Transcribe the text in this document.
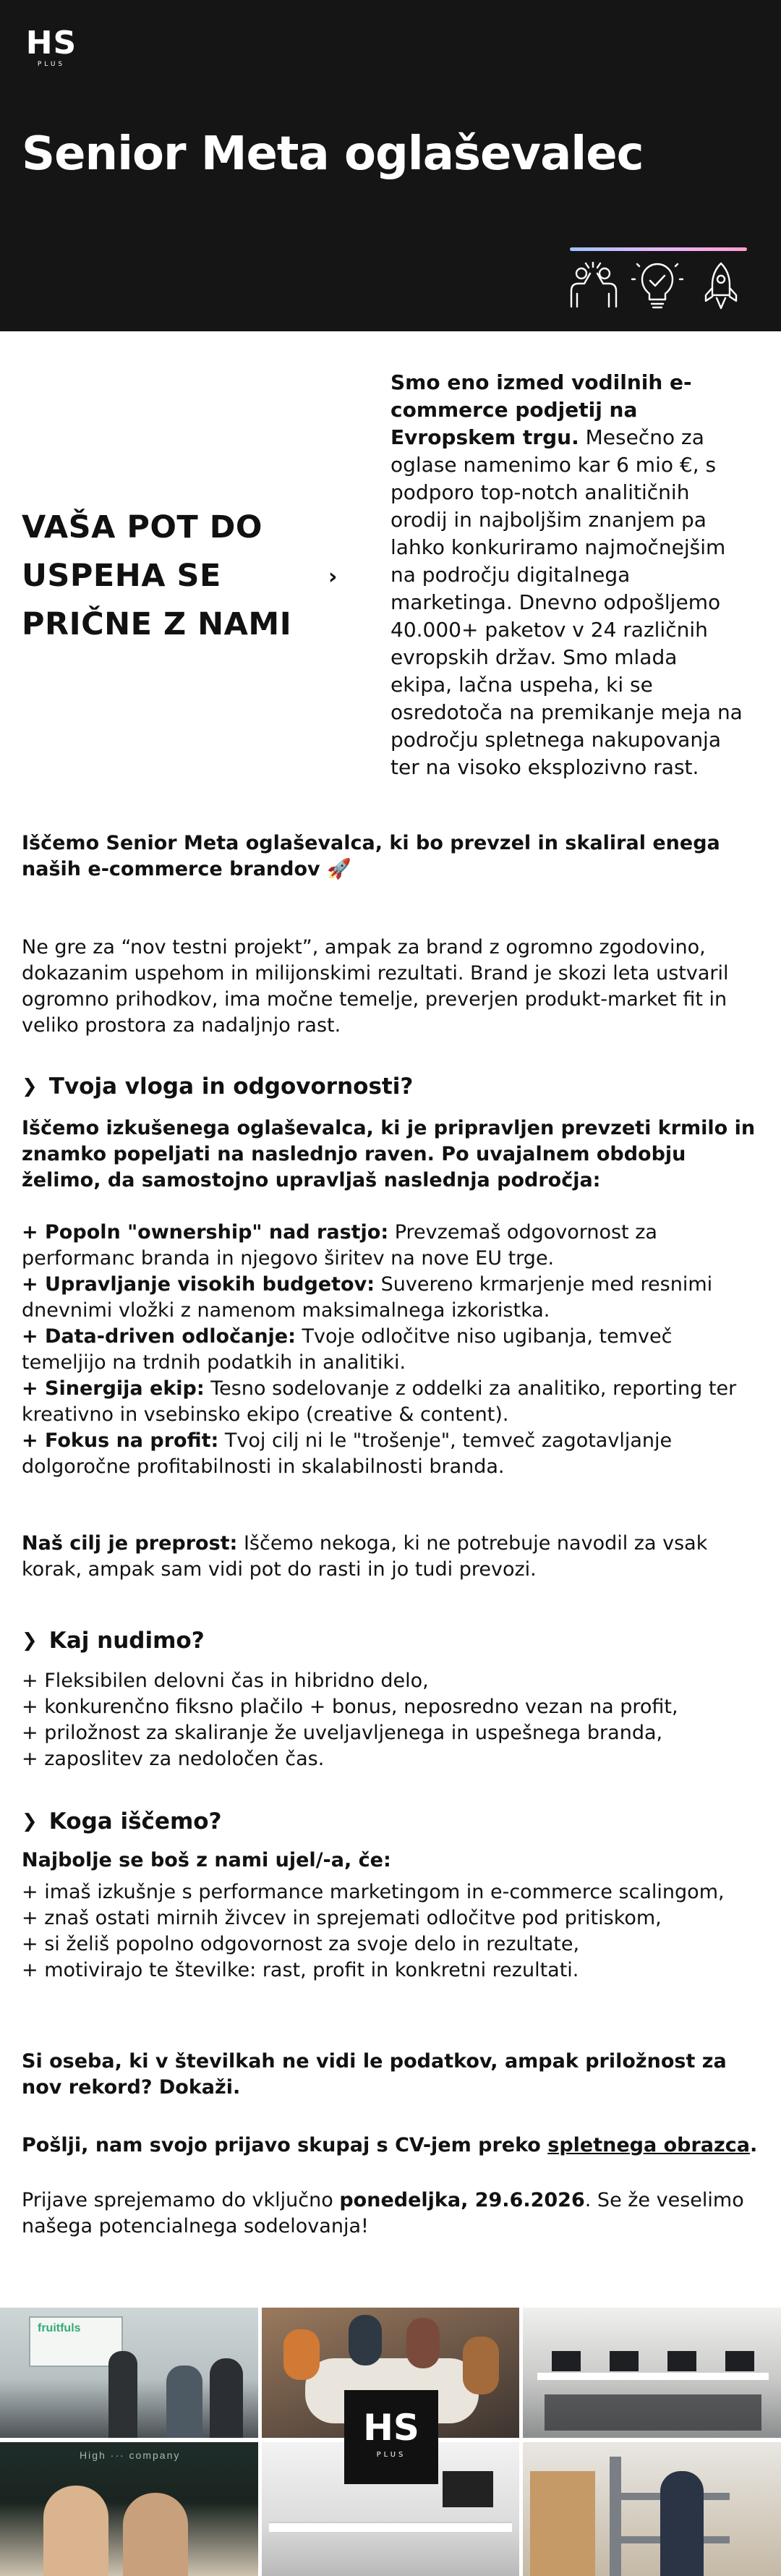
HS
PLUS
Senior Meta oglaševalec
VAŠA POT DO USPEHA SE PRIČNE Z NAMI
›

Smo eno izmed vodilnih e-commerce podjetij na Evropskem trgu. Mesečno za oglase namenimo kar 6 mio €, s podporo top-notch analitičnih orodij in najboljšim znanjem pa lahko konkuriramo najmočnejšim na področju digitalnega marketinga. Dnevno odpošljemo 40.000+ paketov v 24 različnih evropskih držav. Smo mlada ekipa, lačna uspeha, ki se osredotoča na premikanje meja na področju spletnega nakupovanja ter na visoko eksplozivno rast.

Iščemo Senior Meta oglaševalca, ki bo prevzel in skaliral enega naših e-commerce brandov 🚀

Ne gre za “nov testni projekt”, ampak za brand z ogromno zgodovino, dokazanim uspehom in milijonskimi rezultati. Brand je skozi leta ustvaril ogromno prihodkov, ima močne temelje, preverjen produkt-market fit in veliko prostora za nadaljnjo rast.

❯ Tvoja vloga in odgovornosti?

Iščemo izkušenega oglaševalca, ki je pripravljen prevzeti krmilo in znamko popeljati na naslednjo raven. Po uvajalnem obdobju želimo, da samostojno upravljaš naslednja področja:

+ Popoln "ownership" nad rastjo: Prevzemaš odgovornost za performanc branda in njegovo širitev na nove EU trge.

+ Upravljanje visokih budgetov: Suvereno krmarjenje med resnimi dnevnimi vložki z namenom maksimalnega izkoristka.

+ Data-driven odločanje: Tvoje odločitve niso ugibanja, temveč temeljijo na trdnih podatkih in analitiki.

+ Sinergija ekip: Tesno sodelovanje z oddelki za analitiko, reporting ter kreativno in vsebinsko ekipo (creative & content).

+ Fokus na profit: Tvoj cilj ni le "trošenje", temveč zagotavljanje dolgoročne profitabilnosti in skalabilnosti branda.

Naš cilj je preprost: Iščemo nekoga, ki ne potrebuje navodil za vsak korak, ampak sam vidi pot do rasti in jo tudi prevozi.

❯ Kaj nudimo?

+ Fleksibilen delovni čas in hibridno delo,

+ konkurenčno fiksno plačilo + bonus, neposredno vezan na profit,

+ priložnost za skaliranje že uveljavljenega in uspešnega branda,

+ zaposlitev za nedoločen čas.

❯ Koga iščemo?

Najbolje se boš z nami ujel/-a, če:

+ imaš izkušnje s performance marketingom in e-commerce scalingom,

+ znaš ostati mirnih živcev in sprejemati odločitve pod pritiskom,

+ si želiš popolno odgovornost za svoje delo in rezultate,

+ motivirajo te številke: rast, profit in konkretni rezultati.

Si oseba, ki v številkah ne vidi le podatkov, ampak priložnost za nov rekord? Dokaži.

Pošlji, nam svojo prijavo skupaj s CV-jem preko spletnega obrazca.

Prijave sprejemamo do vključno ponedeljka, 29.6.2026. Se že veselimo našega potencialnega sodelovanja!

fruitfuls
High ··· company
HS
PLUS
